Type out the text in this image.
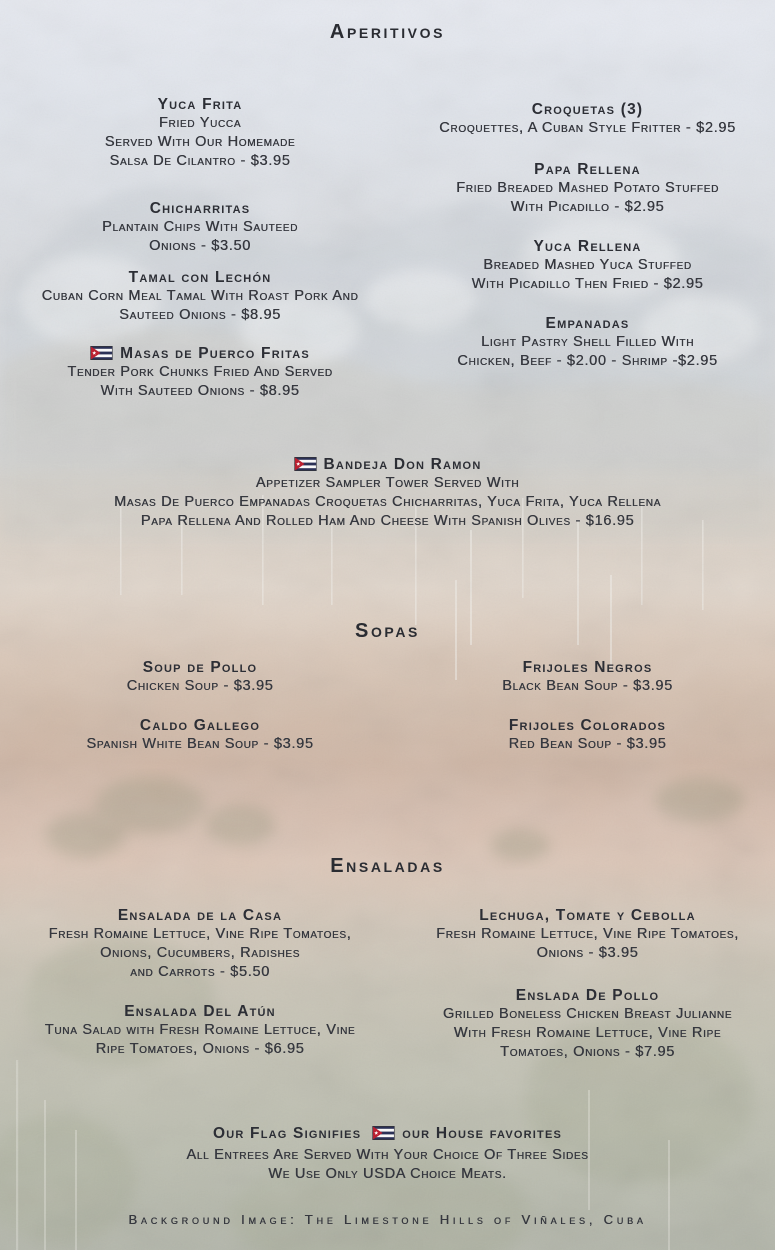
Aperitivos
Yuca Frita
Fried Yucca
Served With Our Homemade
Salsa De Cilantro - $3.95
Chicharritas
Plantain Chips With Sauteed
Onions - $3.50
Tamal con Lechón
Cuban Corn Meal Tamal With Roast Pork And
Sauteed Onions - $8.95
Masas de Puerco Fritas
Tender Pork Chunks Fried And Served
With Sauteed Onions - $8.95
Croquetas (3)
Croquettes, A Cuban Style Fritter - $2.95
Papa Rellena
Fried Breaded Mashed Potato Stuffed
With Picadillo - $2.95
Yuca Rellena
Breaded Mashed Yuca Stuffed
With Picadillo Then Fried - $2.95
Empanadas
Light Pastry Shell Filled With
Chicken, Beef - $2.00 - Shrimp -$2.95
Bandeja Don Ramon
Appetizer Sampler Tower Served With
Masas De Puerco Empanadas Croquetas Chicharritas, Yuca Frita, Yuca Rellena
Papa Rellena And Rolled Ham And Cheese With Spanish Olives - $16.95
Sopas
Soup de Pollo
Chicken Soup - $3.95
Caldo Gallego
Spanish White Bean Soup - $3.95
Frijoles Negros
Black Bean Soup - $3.95
Frijoles Colorados
Red Bean Soup - $3.95
Ensaladas
Ensalada de la Casa
Fresh Romaine Lettuce, Vine Ripe Tomatoes,
Onions, Cucumbers, Radishes
and Carrots - $5.50
Ensalada Del Atún
Tuna Salad with Fresh Romaine Lettuce, Vine
Ripe Tomatoes, Onions - $6.95
Lechuga, Tomate y Cebolla
Fresh Romaine Lettuce, Vine Ripe Tomatoes,
Onions - $3.95
Enslada De Pollo
Grilled Boneless Chicken Breast Julianne
With Fresh Romaine Lettuce, Vine Ripe
Tomatoes, Onions - $7.95
Our Flag Signifies	our House favorites
All Entrees Are Served With Your Choice Of Three Sides
We Use Only USDA Choice Meats.
Background Image: The Limestone Hills of Viñales, Cuba
